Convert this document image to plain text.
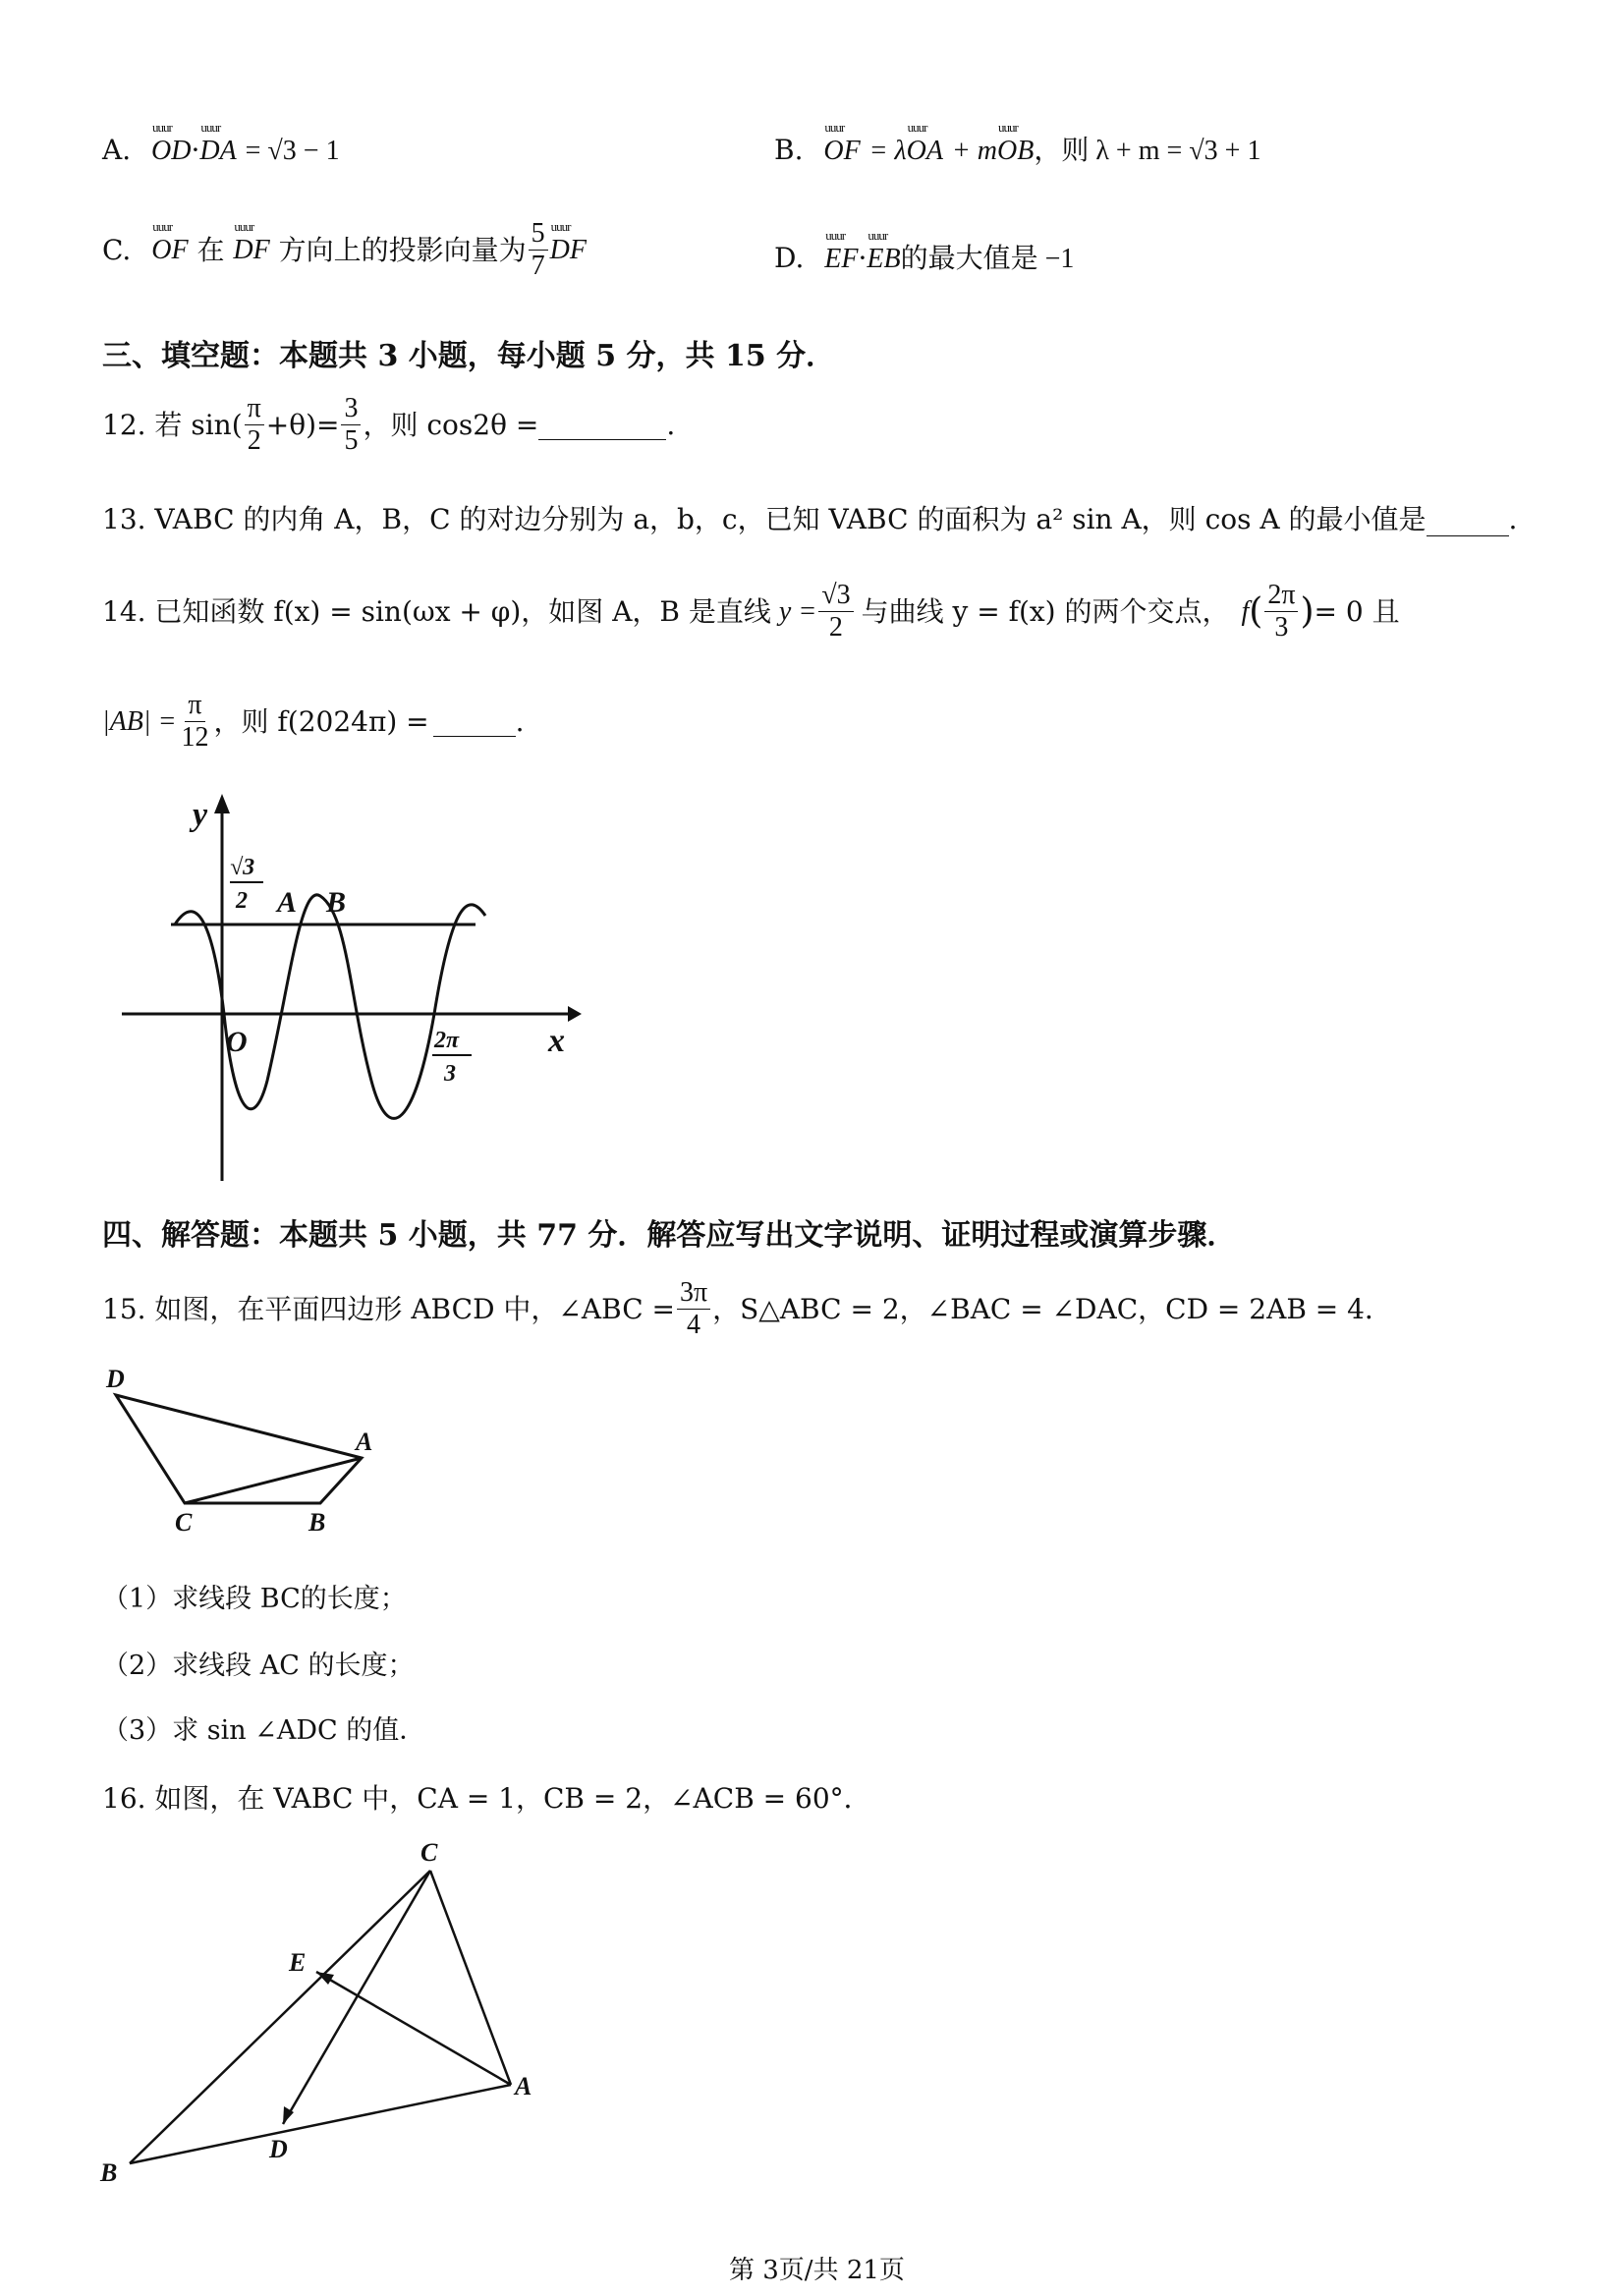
A. uuur OD·uuur DA = √3 − 1	B. uuur OF = λuuur OA + muuur OB，则 λ + m = √3 + 1
C. uuur OF 在 uuur DF 方向上的投影向量为 $\frac{5}{7}$ uuur DF	D. uuur EF·uuur EB的最大值是 −1
三、填空题：本题共 3 小题，每小题 5 分，共 15 分．
12. 若 $\sin( \frac{\pi}{2} +\theta)= \frac{3}{5}$ ，则 cos2θ =	.
13. VABC 的内角 A，B，C 的对边分别为 a，b，c，已知 VABC 的面积为 a² sin A，则 cos A 的最小值是	.
14. 已知函数 f(x) = sin(ωx + φ)，如图 A，B 是直线 $y = \frac{√3}{2}$ 与曲线 y = f(x) 的两个交点， f ( $\frac{2\pi}{3}$ ) = 0 且
$|AB| = \frac{\pi}{12}$ ，则 f(2024π) =	.
y
√3
2 A B
O	x
2π
3
四、解答题：本题共 5 小题，共 77 分．解答应写出文字说明、证明过程或演算步骤．
15. 如图，在平面四边形 ABCD 中，∠ABC = $\frac{3\pi}{4}$ ，S△ABC = 2，∠BAC = ∠DAC，CD = 2AB = 4．
D
A
C	B
（1）求线段 BC的长度；
（2）求线段 AC 的长度；
（3）求 sin ∠ADC 的值．
16. 如图，在 VABC 中，CA = 1，CB = 2，∠ACB = 60°．
C
E
A
D
B
第 3页/共 21页
